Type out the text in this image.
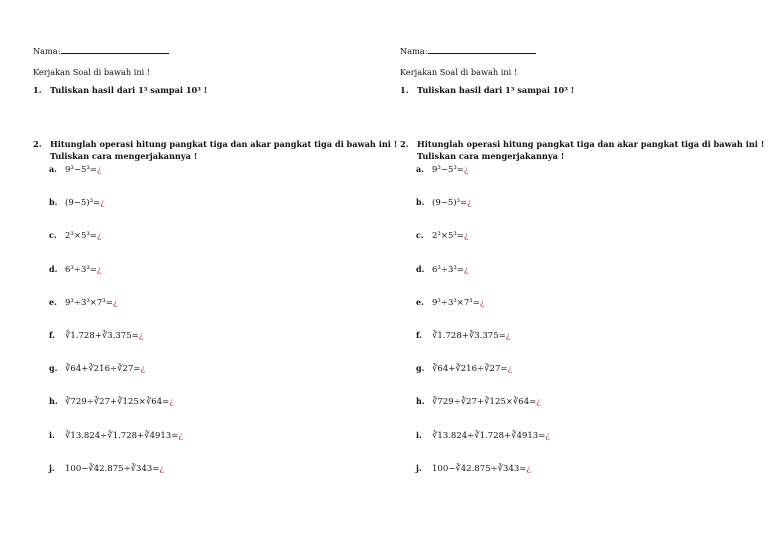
Nama:
Kerjakan Soal di bawah ini !
1. Tuliskan hasil dari 1³ sampai 10³ !
2. Hitunglah operasi hitung pangkat tiga dan akar pangkat tiga di bawah ini !
Tuliskan cara mengerjakannya !
a. 9³−5³=¿
b. (9−5)³=¿
c. 2³×5³=¿
d. 6³÷3³=¿
e. 9³÷3³×7³=¿
f. ∛1.728+∛3.375=¿
g. ∛64+∛216÷∛27=¿
h. ∛729÷∛27+∛125×∛64=¿
i. ∛13.824÷∛1.728+∛4913=¿
j. 100−∛42.875÷∛343=¿
Nama:
Kerjakan Soal di bawah ini !
1. Tuliskan hasil dari 1³ sampai 10³ !
2. Hitunglah operasi hitung pangkat tiga dan akar pangkat tiga di bawah ini !
Tuliskan cara mengerjakannya !
a. 9³−5³=¿
b. (9−5)³=¿
c. 2³×5³=¿
d. 6³÷3³=¿
e. 9³÷3³×7³=¿
f. ∛1.728+∛3.375=¿
g. ∛64+∛216÷∛27=¿
h. ∛729÷∛27+∛125×∛64=¿
i. ∛13.824÷∛1.728+∛4913=¿
j. 100−∛42.875÷∛343=¿
